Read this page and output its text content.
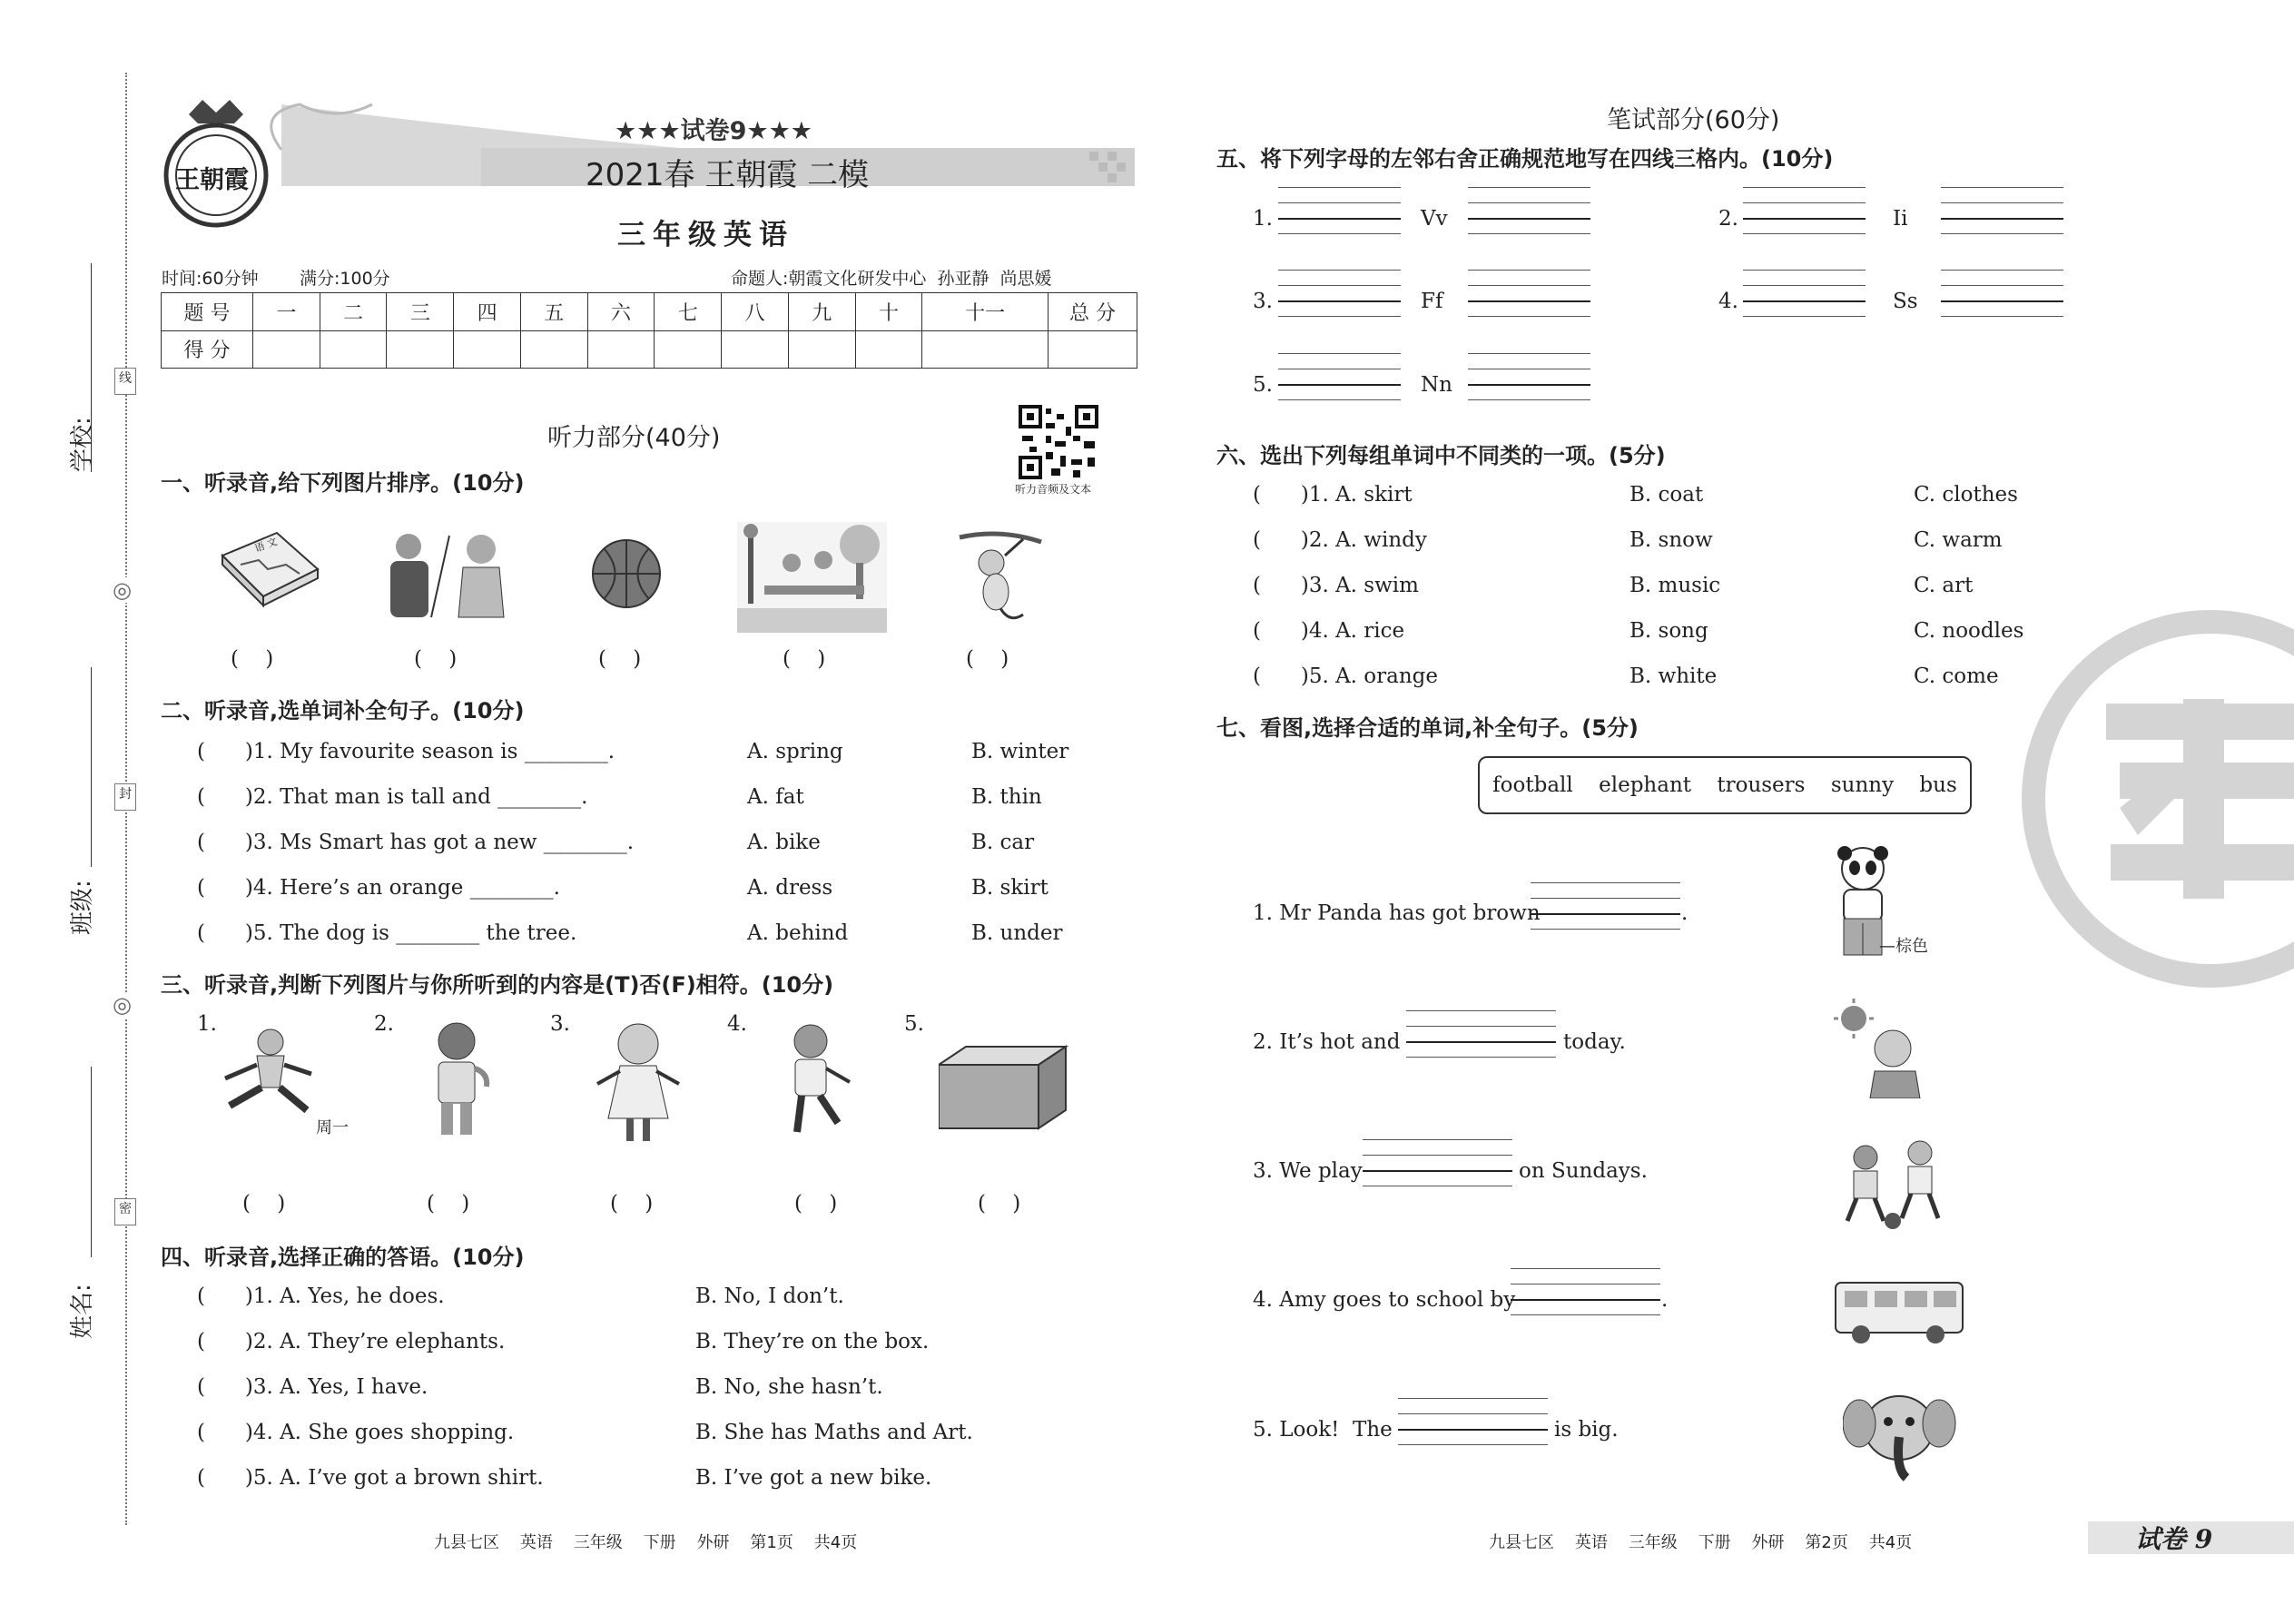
学校:
班级:
姓名:
线
封
密
◎
◎
王朝霞
★★★试卷9★★★
2021春 王朝霞 二模
三年级英语
时间:60分钟 满分:100分	命题人:朝霞文化研发中心  孙亚静  尚思媛
题 号	一	二	三	四	五	六	七	八	九	十	十一	总 分
得 分												
听力部分(40分)
听力音频及文本
一、听录音,给下列图片排序。(10分)
语 文
(    )	(    )	(    )	(    )	(    )
二、听录音,选单词补全句子。(10分)
(      )1. My favourite season is ________.	A. spring	B. winter
(      )2. That man is tall and ________.	A. fat	B. thin
(      )3. Ms Smart has got a new ________.	A. bike	B. car
(      )4. Here’s an orange ________.	A. dress	B. skirt
(      )5. The dog is ________ the tree.	A. behind	B. under
三、听录音,判断下列图片与你所听到的内容是(T)否(F)相符。(10分)
1.	2.	3.	4.	5.
周一
(    )	(    )	(    )	(    )	(    )
四、听录音,选择正确的答语。(10分)
(      )1. A. Yes, he does.	B. No, I don’t.
(      )2. A. They’re elephants.	B. They’re on the box.
(      )3. A. Yes, I have.	B. No, she hasn’t.
(      )4. A. She goes shopping.	B. She has Maths and Art.
(      )5. A. I’ve got a brown shirt.	B. I’ve got a new bike.
九县七区    英语    三年级    下册    外研    第1页    共4页
笔试部分(60分)
五、将下列字母的左邻右舍正确规范地写在四线三格内。(10分)
1.	Vv	2.	Ii
3.	Ff	4.	Ss
5.	Nn
六、选出下列每组单词中不同类的一项。(5分)
(      )1. A. skirt	B. coat	C. clothes
(      )2. A. windy	B. snow	C. warm
(      )3. A. swim	B. music	C. art
(      )4. A. rice	B. song	C. noodles
(      )5. A. orange	B. white	C. come
七、看图,选择合适的单词,补全句子。(5分)
football elephant trousers sunny bus
1. Mr Panda has got brown	.
2. It’s hot and	today.
3. We play	on Sundays.
4. Amy goes to school by	.
5. Look!  The	is big.
—棕色
九县七区    英语    三年级    下册    外研    第2页    共4页	试卷 9
